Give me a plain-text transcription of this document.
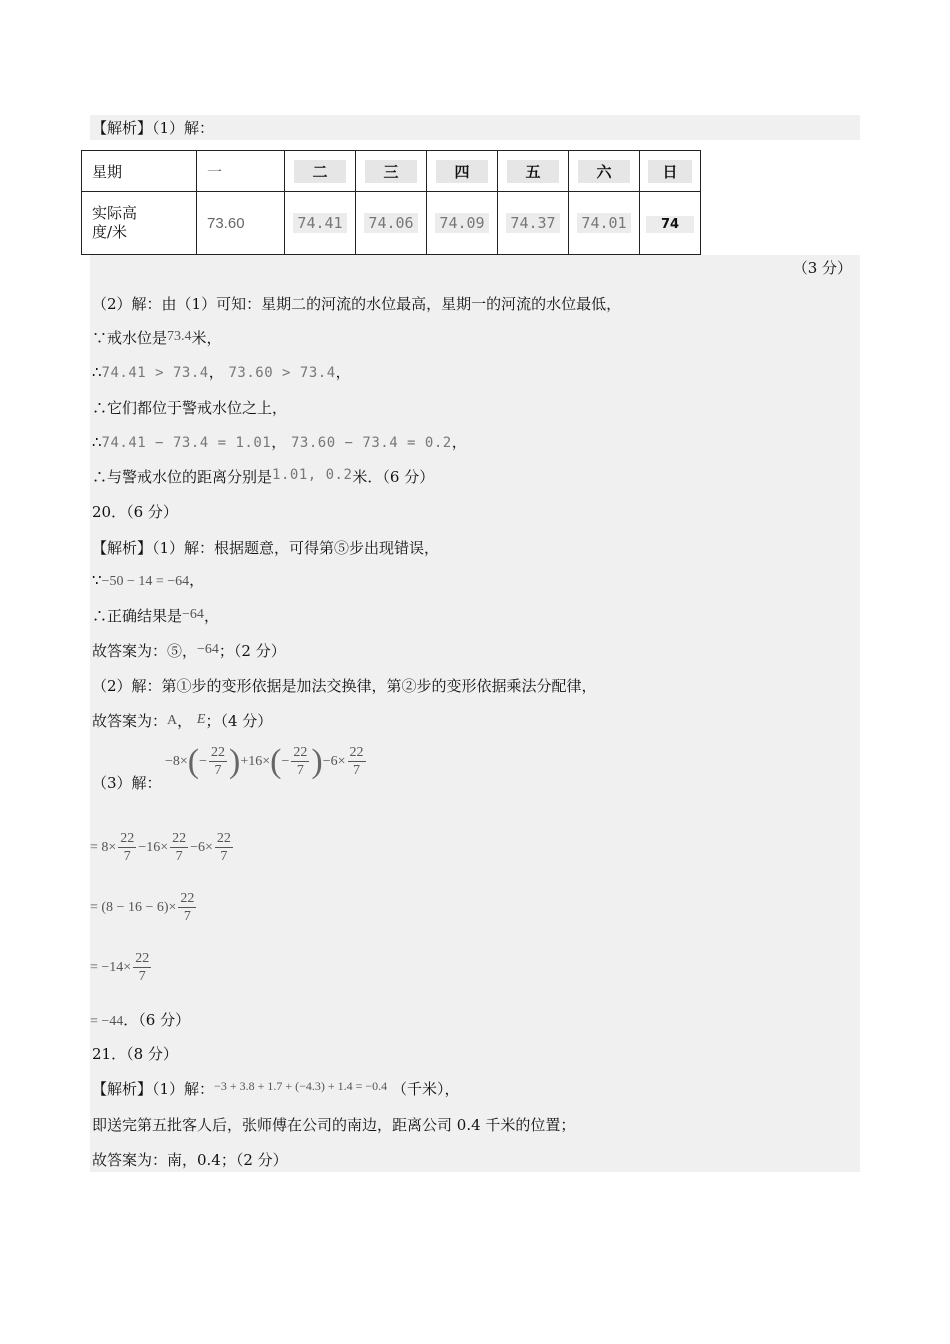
【解析】（1）解：
星期	一	二	三	四	五	六	日

实际高
度/米	73.60	74.41	74.06	74.09	74.37	74.01	74
（3 分）
（2）解：由（1）可知：星期二的河流的水位最高，星期一的河流的水位最低，
∵戒水位是73.4米，
∴74.41 > 73.4， 73.60 > 73.4，
∴它们都位于警戒水位之上，
∴74.41 − 73.4 = 1.01， 73.60 − 73.4 = 0.2，
∴与警戒水位的距离分别是1.01, 0.2米．（6 分）
20．（6 分）
【解析】（1）解：根据题意，可得第⑤步出现错误，
∵−50 − 14 = −64，
∴正确结果是−64，
故答案为：⑤，−64；（2 分）
（2）解：第①步的变形依据是加法交换律，第②步的变形依据乘法分配律，
故答案为：A， E；（4 分）
（3）解：
$-8\times(- \frac{22}{7} )+16\times(- \frac{22}{7} )-6\times \frac{22}{7}$
= $8\times \frac{22}{7} -16\times \frac{22}{7} -6\times \frac{22}{7}$
= $(8 - 16 - 6)\times \frac{22}{7}$
= $-14\times \frac{22}{7}$
= −44．（6 分）
21．（8 分）
【解析】（1）解：$^{-3 + 3.8 + 1.7 + (-4.3) + 1.4 = -0.4}$ （千米），
即送完第五批客人后，张师傅在公司的南边，距离公司 0.4 千米的位置；
故答案为：南，0.4；（2 分）
